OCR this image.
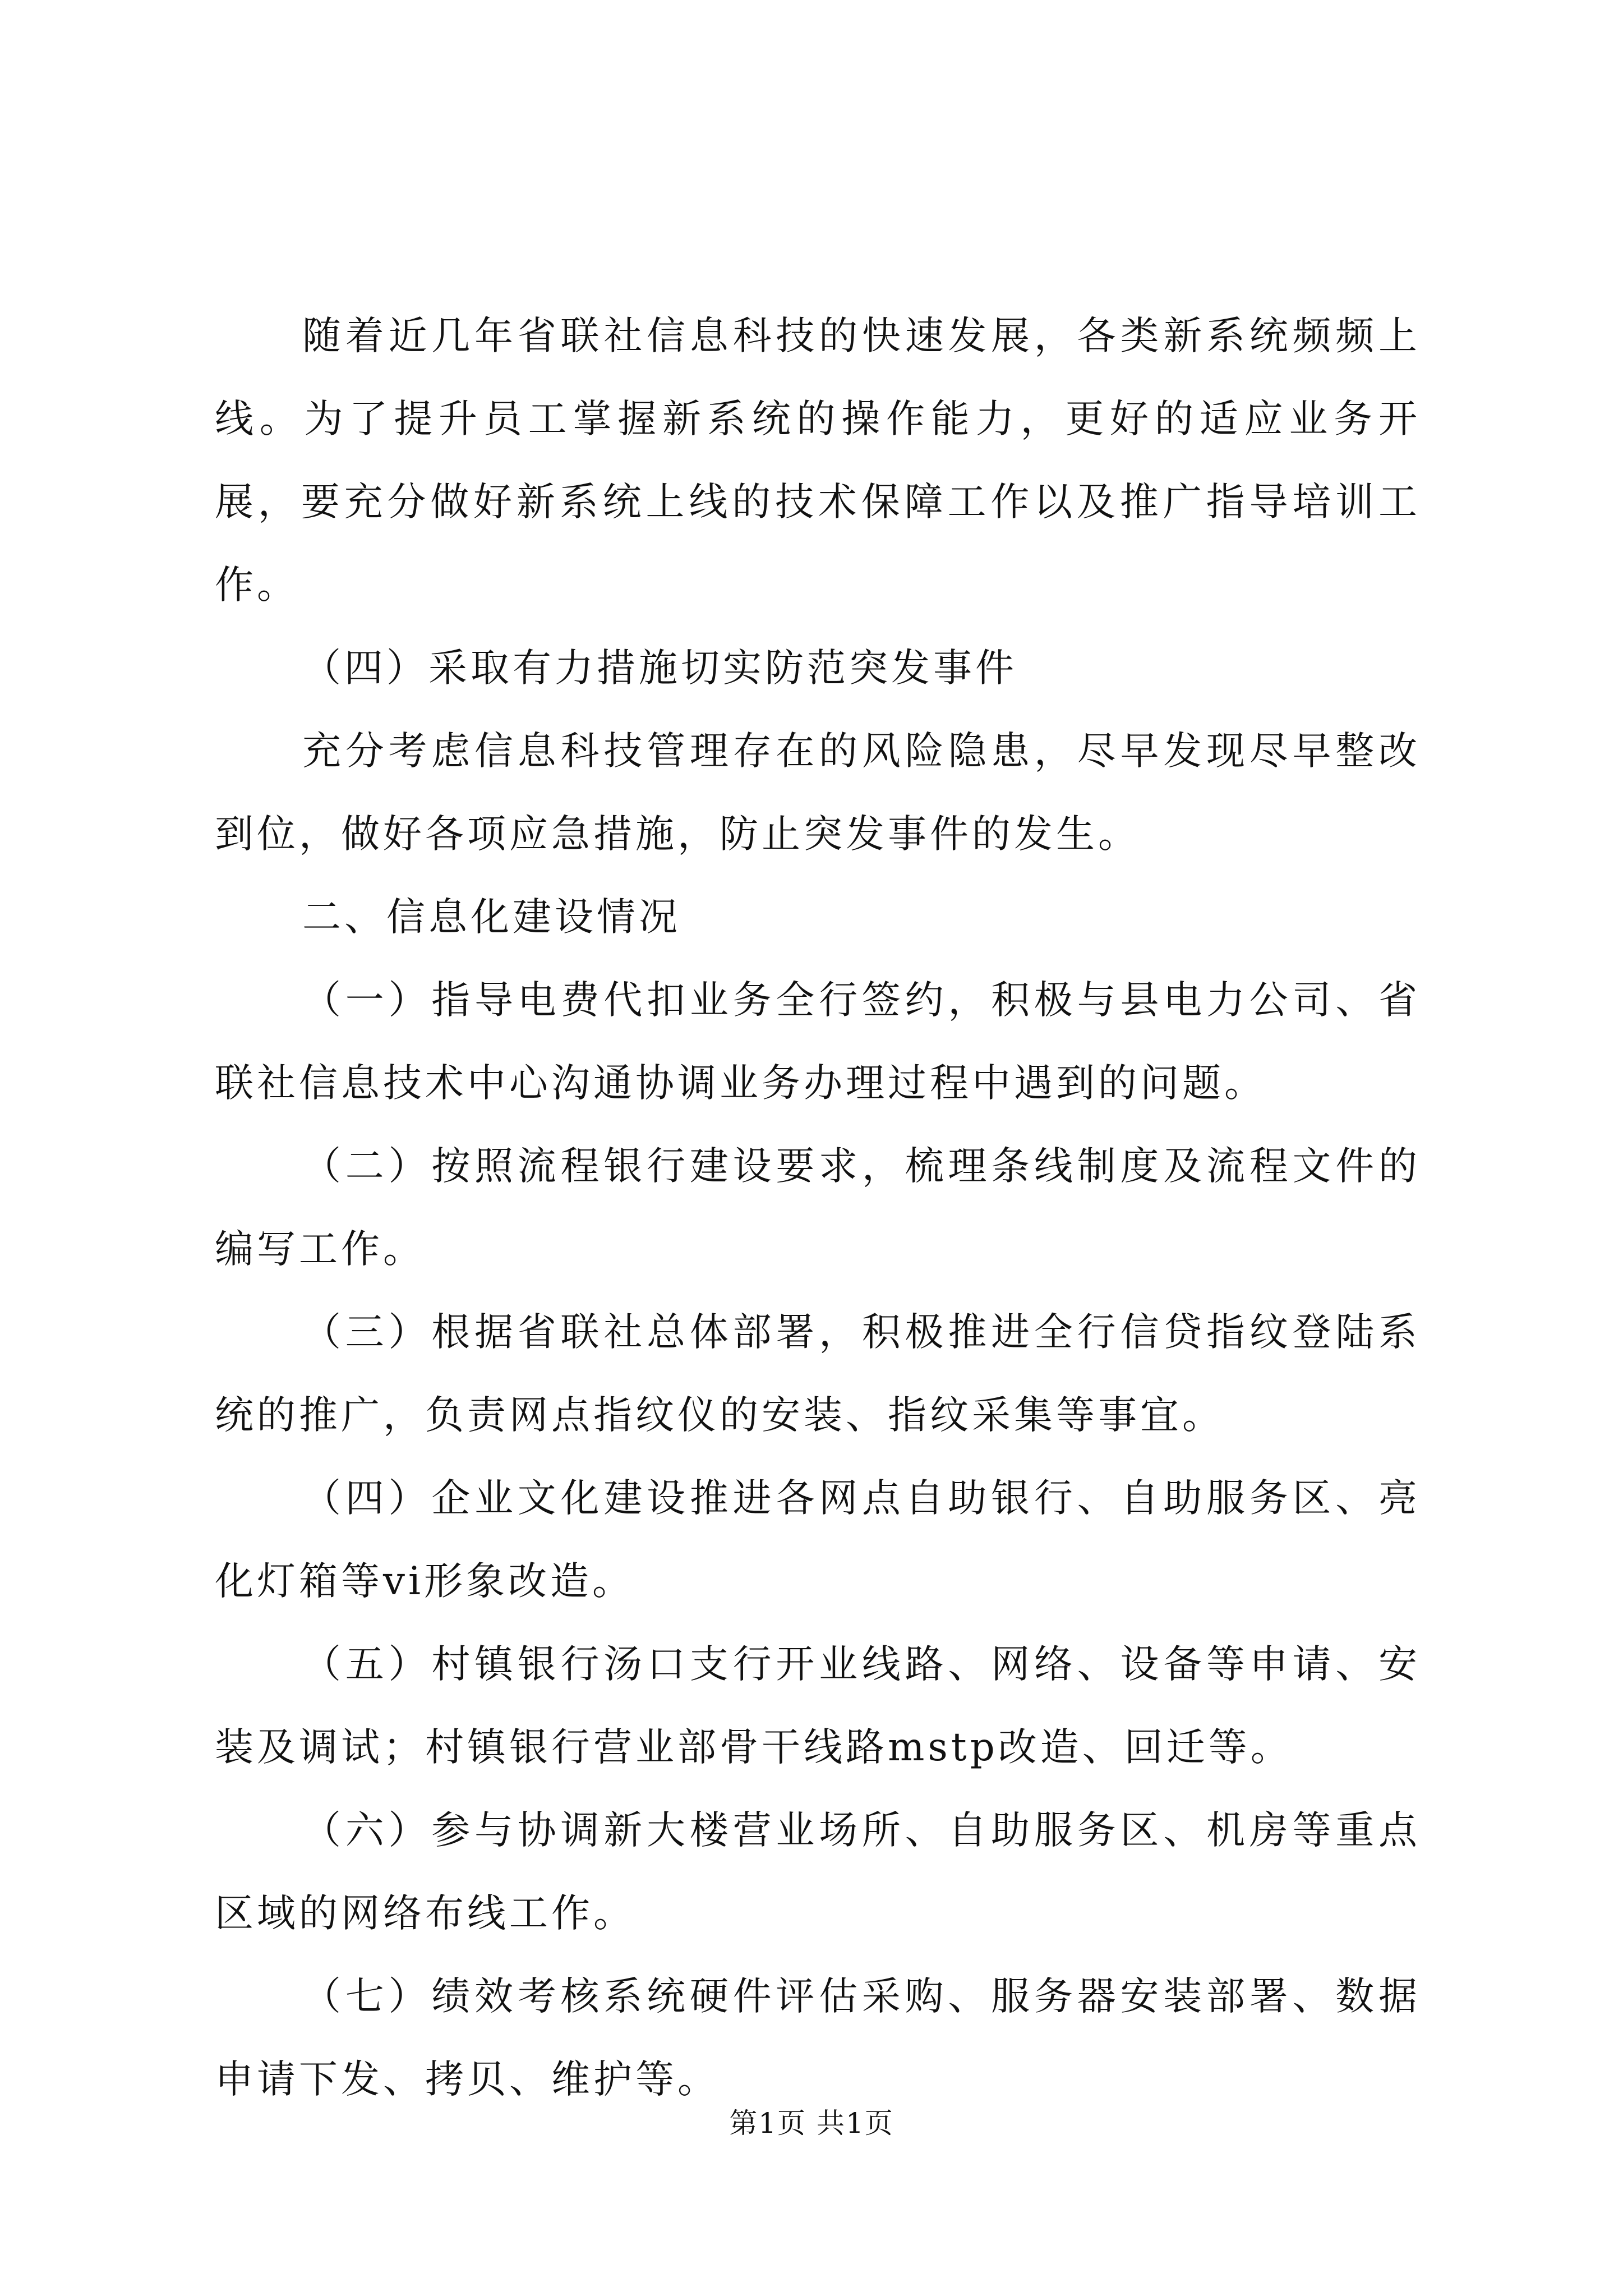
随着近几年省联社信息科技的快速发展，各类新系统频频上线。为了提升员工掌握新系统的操作能力，更好的适应业务开展，要充分做好新系统上线的技术保障工作以及推广指导培训工作。

（四）采取有力措施切实防范突发事件

充分考虑信息科技管理存在的风险隐患，尽早发现尽早整改到位，做好各项应急措施，防止突发事件的发生。

二、信息化建设情况

（一）指导电费代扣业务全行签约，积极与县电力公司、省联社信息技术中心沟通协调业务办理过程中遇到的问题。

（二）按照流程银行建设要求，梳理条线制度及流程文件的编写工作。

（三）根据省联社总体部署，积极推进全行信贷指纹登陆系统的推广，负责网点指纹仪的安装、指纹采集等事宜。

（四）企业文化建设推进各网点自助银行、自助服务区、亮化灯箱等vi形象改造。

（五）村镇银行汤口支行开业线路、网络、设备等申请、安装及调试；村镇银行营业部骨干线路mstp改造、回迁等。

（六）参与协调新大楼营业场所、自助服务区、机房等重点区域的网络布线工作。

（七）绩效考核系统硬件评估采购、服务器安装部署、数据申请下发、拷贝、维护等。

第1页 共1页
